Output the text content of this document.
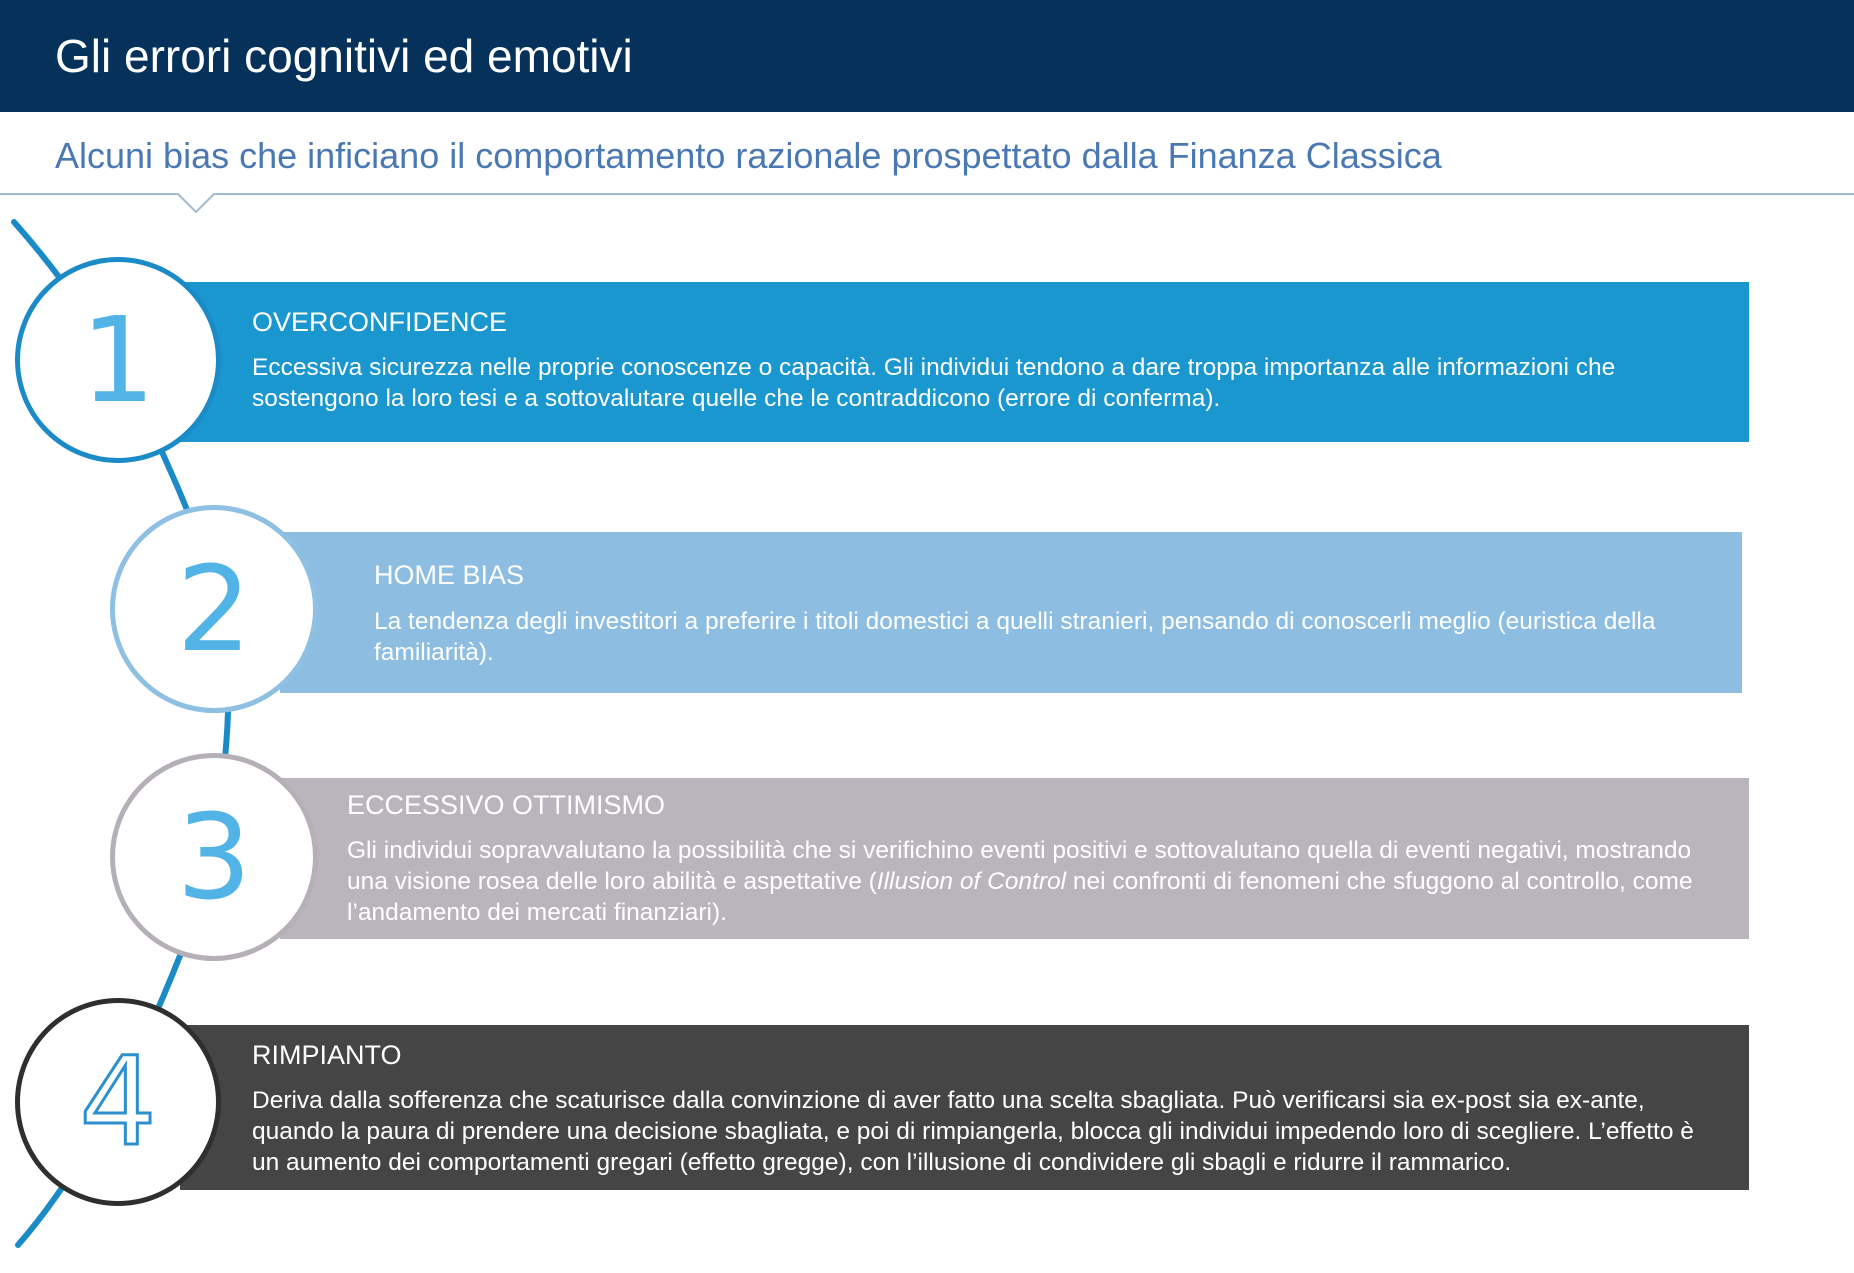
Gli errori cognitivi ed emotivi
Alcuni bias che inficiano il comportamento razionale prospettato dalla Finanza Classica
OVERCONFIDENCE
Eccessiva sicurezza nelle proprie conoscenze o capacità. Gli individui tendono a dare troppa importanza alle informazioni che sostengono la loro tesi e a sottovalutare quelle che le contraddicono (errore di conferma).
HOME BIAS
La tendenza degli investitori a preferire i titoli domestici a quelli stranieri, pensando di conoscerli meglio (euristica della familiarità).
ECCESSIVO OTTIMISMO
Gli individui sopravvalutano la possibilità che si verifichino eventi positivi e sottovalutano quella di eventi negativi, mostrando una visione rosea delle loro abilità e aspettative (Illusion of Control nei confronti di fenomeni che sfuggono al controllo, come l’andamento dei mercati finanziari).
RIMPIANTO
Deriva dalla sofferenza che scaturisce dalla convinzione di aver fatto una scelta sbagliata. Può verificarsi sia ex-post sia ex-ante, quando la paura di prendere una decisione sbagliata, e poi di rimpiangerla, blocca gli individui impedendo loro di scegliere. L’effetto è un aumento dei comportamenti gregari (effetto gregge), con l’illusione di condividere gli sbagli e ridurre il rammarico.
1
2
3
4
